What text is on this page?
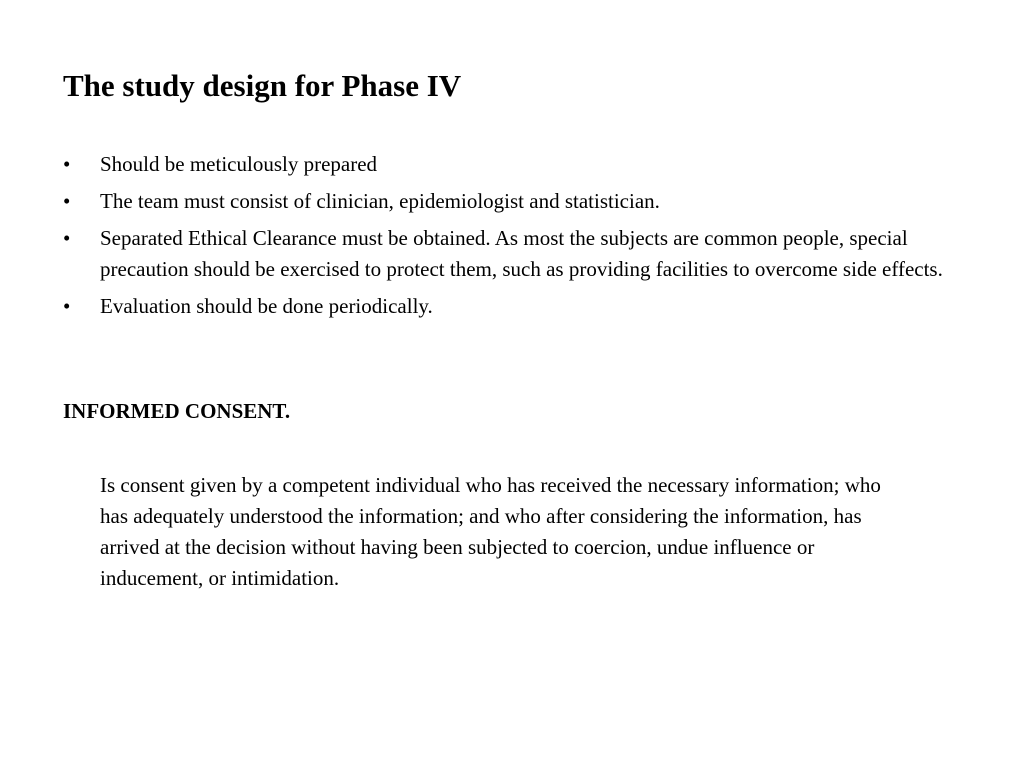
The study design for Phase IV
•	Should be meticulously prepared
•	The team must consist of clinician, epidemiologist and statistician.
•	Separated Ethical Clearance must be obtained. As most the subjects are common people, special precaution should be exercised to protect them, such as providing facilities to overcome side effects.
•	Evaluation should be done periodically.
INFORMED CONSENT.

Is consent given by a competent individual who has received the necessary information; who has adequately understood the information; and who after considering the information, has arrived at the decision without having been subjected to coercion, undue influence or inducement, or intimidation.
